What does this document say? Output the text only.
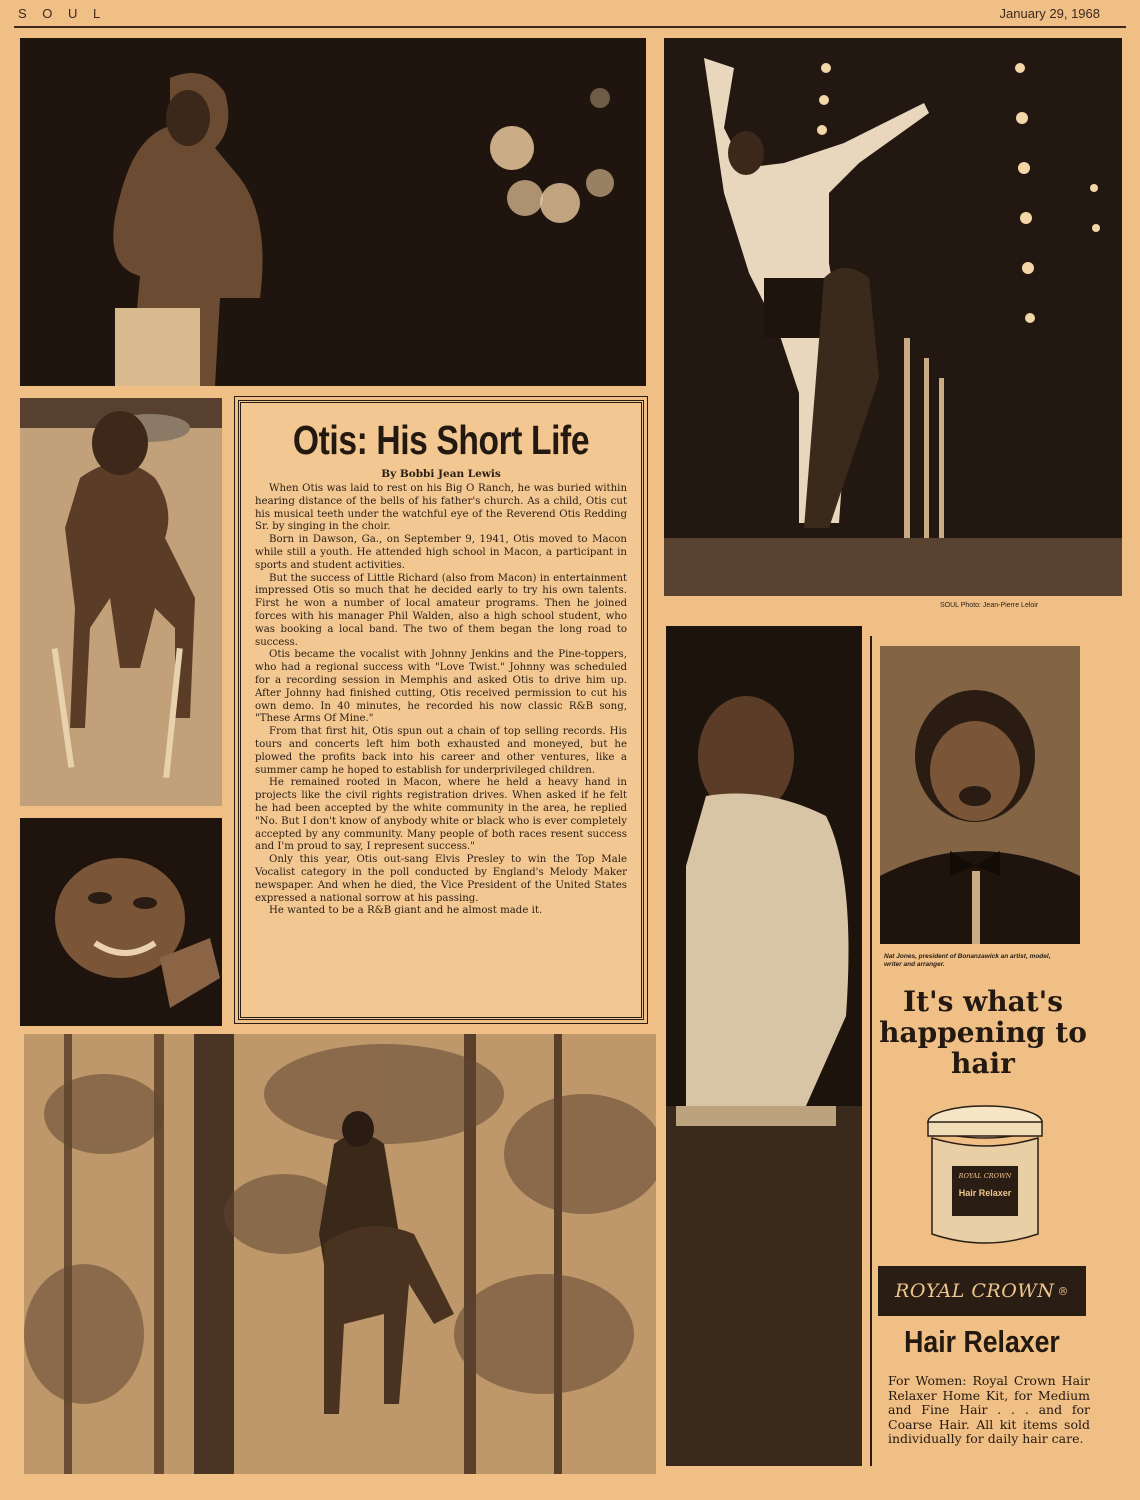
S O U L	January 29, 1968
SOUL Photo: Jean-Pierre Leloir
Otis: His Short Life
By Bobbi Jean Lewis

When Otis was laid to rest on his Big O Ranch, he was buried within hearing distance of the bells of his father's church. As a child, Otis cut his musical teeth under the watchful eye of the Reverend Otis Redding Sr. by singing in the choir.

Born in Dawson, Ga., on September 9, 1941, Otis moved to Macon while still a youth. He attended high school in Macon, a participant in sports and student activities.

But the success of Little Richard (also from Macon) in entertainment impressed Otis so much that he decided early to try his own talents. First he won a number of local amateur programs. Then he joined forces with his manager Phil Walden, also a high school student, who was booking a local band. The two of them began the long road to success.

Otis became the vocalist with Johnny Jenkins and the Pine-toppers, who had a regional success with "Love Twist." Johnny was scheduled for a recording session in Memphis and asked Otis to drive him up. After Johnny had finished cutting, Otis received permission to cut his own demo. In 40 minutes, he recorded his now classic R&B song, "These Arms Of Mine."

From that first hit, Otis spun out a chain of top selling records. His tours and concerts left him both exhausted and moneyed, but he plowed the profits back into his career and other ventures, like a summer camp he hoped to establish for underprivileged children.

He remained rooted in Macon, where he held a heavy hand in projects like the civil rights registration drives. When asked if he felt he had been accepted by the white community in the area, he replied "No. But I don't know of anybody white or black who is ever completely accepted by any community. Many people of both races resent success and I'm proud to say, I represent success."

Only this year, Otis out-sang Elvis Presley to win the Top Male Vocalist category in the poll conducted by England's Melody Maker newspaper. And when he died, the Vice President of the United States expressed a national sorrow at his passing.

He wanted to be a R&B giant and he almost made it.

Nat Jones, president of Bonanzawick an artist, model, writer and arranger.
It's what's happening to hair
ROYAL CROWN
Hair Relaxer
ROYAL CROWN ®
Hair Relaxer
For Women: Royal Crown Hair Relaxer Home Kit, for Medium and Fine Hair . . . and for Coarse Hair. All kit items sold individually for daily hair care.
